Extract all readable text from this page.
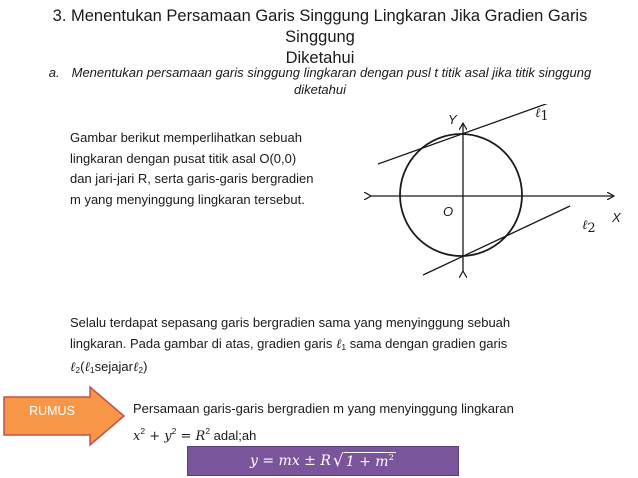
3. Menentukan Persamaan Garis Singgung Lingkaran Jika Gradien Garis Singgung
Diketahui
a. Menentukan persamaan garis singgung lingkaran dengan pusl t titik asal jika titik singgung
diketahui
Gambar berikut memperlihatkan sebuah
lingkaran dengan pusat titik asal O(0,0)
dan jari-jari R, serta garis-garis bergradien
m yang menyinggung lingkaran tersebut.
Y
X
O
ℓ1
ℓ2
Selalu terdapat sepasang garis bergradien sama yang menyinggung sebuah
lingkaran. Pada gambar di atas, gradien garis ℓ$_1$ sama dengan gradien garis
ℓ$_2$(ℓ$_1$sejajarℓ$_2$)
RUMUS	Persamaan garis-garis bergradien m yang menyinggung lingkaran
$x^2 + y^2 = R^2$ adal;ah
y = mx ± R √ $1 + m^2$
